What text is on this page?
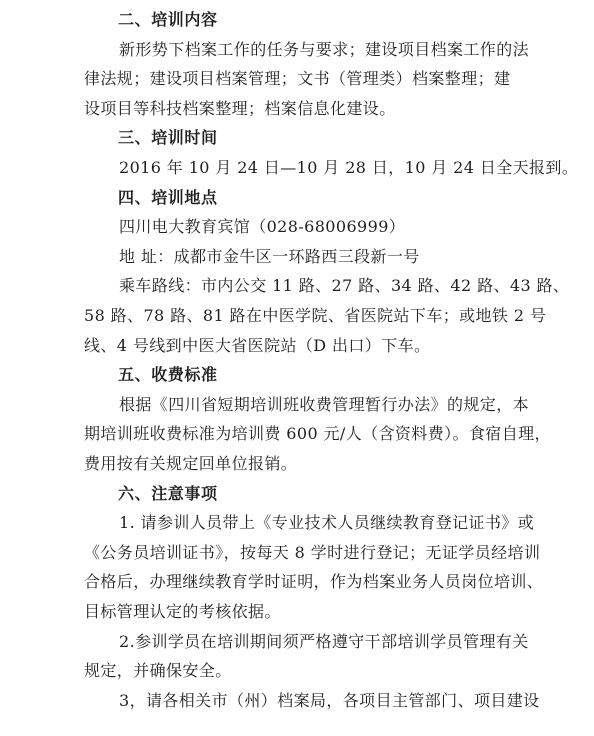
二、培训内容
新形势下档案工作的任务与要求；建设项目档案工作的法
律法规；建设项目档案管理；文书（管理类）档案整理；建
设项目等科技档案整理；档案信息化建设。
三、培训时间
2016 年 10 月 24 日—10 月 28 日，10 月 24 日全天报到。
四、培训地点
四川电大教育宾馆（028-68006999）
地 址：成都市金牛区一环路西三段新一号
乘车路线：市内公交 11 路、27 路、34 路、42 路、43 路、
58 路、78 路、81 路在中医学院、省医院站下车；或地铁 2 号
线、4 号线到中医大省医院站（D 出口）下车。
五、收费标准
根据《四川省短期培训班收费管理暂行办法》的规定，本
期培训班收费标准为培训费 600 元/人（含资料费）。食宿自理，
费用按有关规定回单位报销。
六、注意事项
1. 请参训人员带上《专业技术人员继续教育登记证书》或
《公务员培训证书》，按每天 8 学时进行登记；无证学员经培训
合格后，办理继续教育学时证明，作为档案业务人员岗位培训、
目标管理认定的考核依据。
2.参训学员在培训期间须严格遵守干部培训学员管理有关
规定，并确保安全。
3，请各相关市（州）档案局，各项目主管部门、项目建设
